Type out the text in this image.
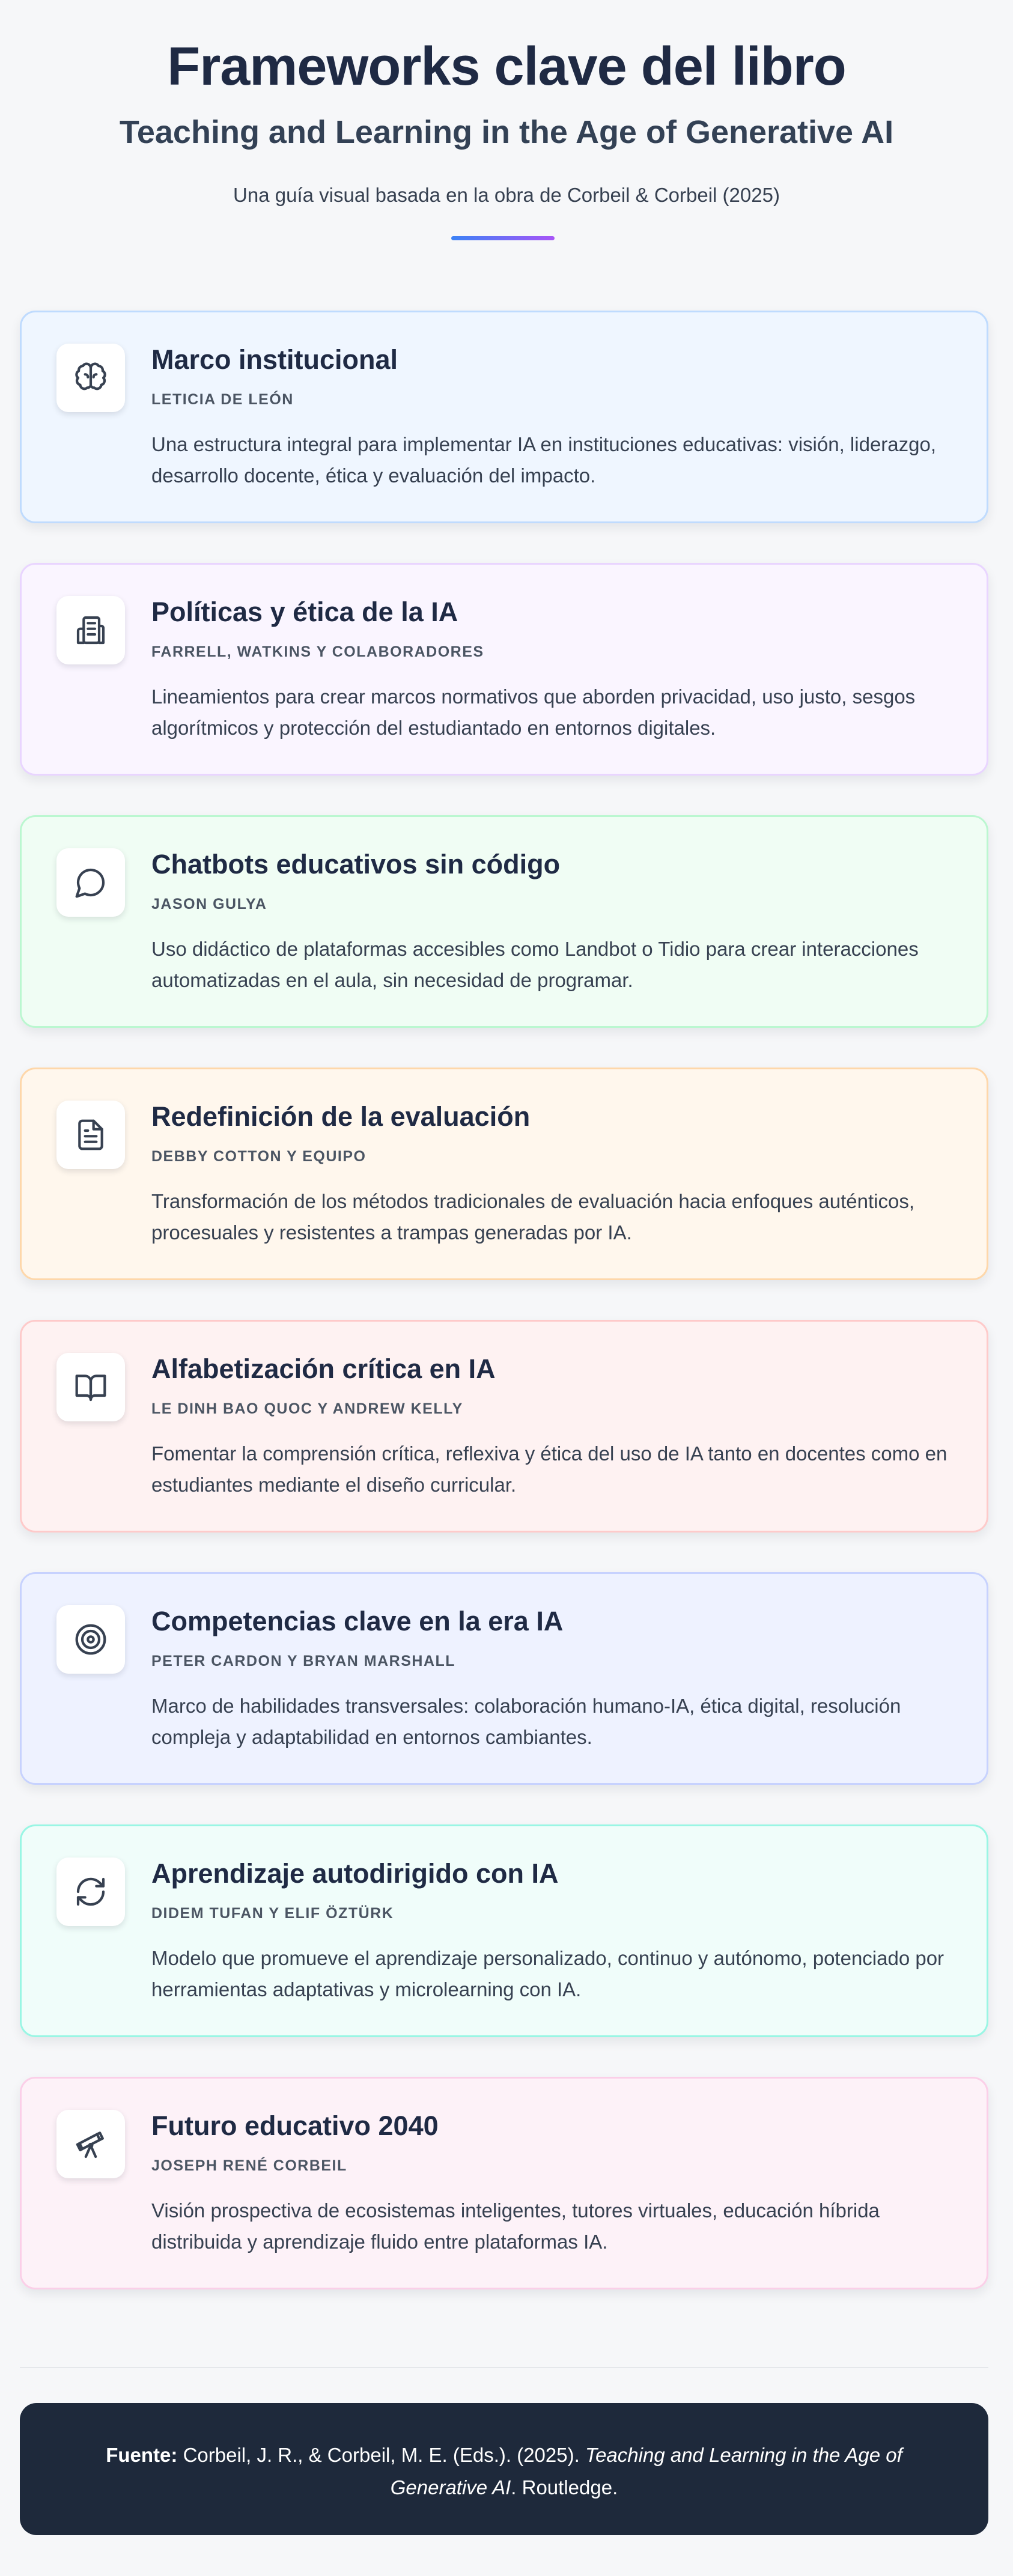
Frameworks clave del libro
Teaching and Learning in the Age of Generative AI
Una guía visual basada en la obra de Corbeil & Corbeil (2025)
Marco institucional
LETICIA DE LEÓN
Una estructura integral para implementar IA en instituciones educativas: visión, liderazgo, desarrollo docente, ética y evaluación del impacto.
Políticas y ética de la IA
FARRELL, WATKINS Y COLABORADORES
Lineamientos para crear marcos normativos que aborden privacidad, uso justo, sesgos algorítmicos y protección del estudiantado en entornos digitales.
Chatbots educativos sin código
JASON GULYA
Uso didáctico de plataformas accesibles como Landbot o Tidio para crear interacciones automatizadas en el aula, sin necesidad de programar.
Redefinición de la evaluación
DEBBY COTTON Y EQUIPO
Transformación de los métodos tradicionales de evaluación hacia enfoques auténticos, procesuales y resistentes a trampas generadas por IA.
Alfabetización crítica en IA
LE DINH BAO QUOC Y ANDREW KELLY
Fomentar la comprensión crítica, reflexiva y ética del uso de IA tanto en docentes como en estudiantes mediante el diseño curricular.
Competencias clave en la era IA
PETER CARDON Y BRYAN MARSHALL
Marco de habilidades transversales: colaboración humano-IA, ética digital, resolución compleja y adaptabilidad en entornos cambiantes.
Aprendizaje autodirigido con IA
DIDEM TUFAN Y ELIF ÖZTÜRK
Modelo que promueve el aprendizaje personalizado, continuo y autónomo, potenciado por herramientas adaptativas y microlearning con IA.
Futuro educativo 2040
JOSEPH RENÉ CORBEIL
Visión prospectiva de ecosistemas inteligentes, tutores virtuales, educación híbrida distribuida y aprendizaje fluido entre plataformas IA.
Fuente: Corbeil, J. R., & Corbeil, M. E. (Eds.). (2025). Teaching and Learning in the Age of Generative AI. Routledge.
